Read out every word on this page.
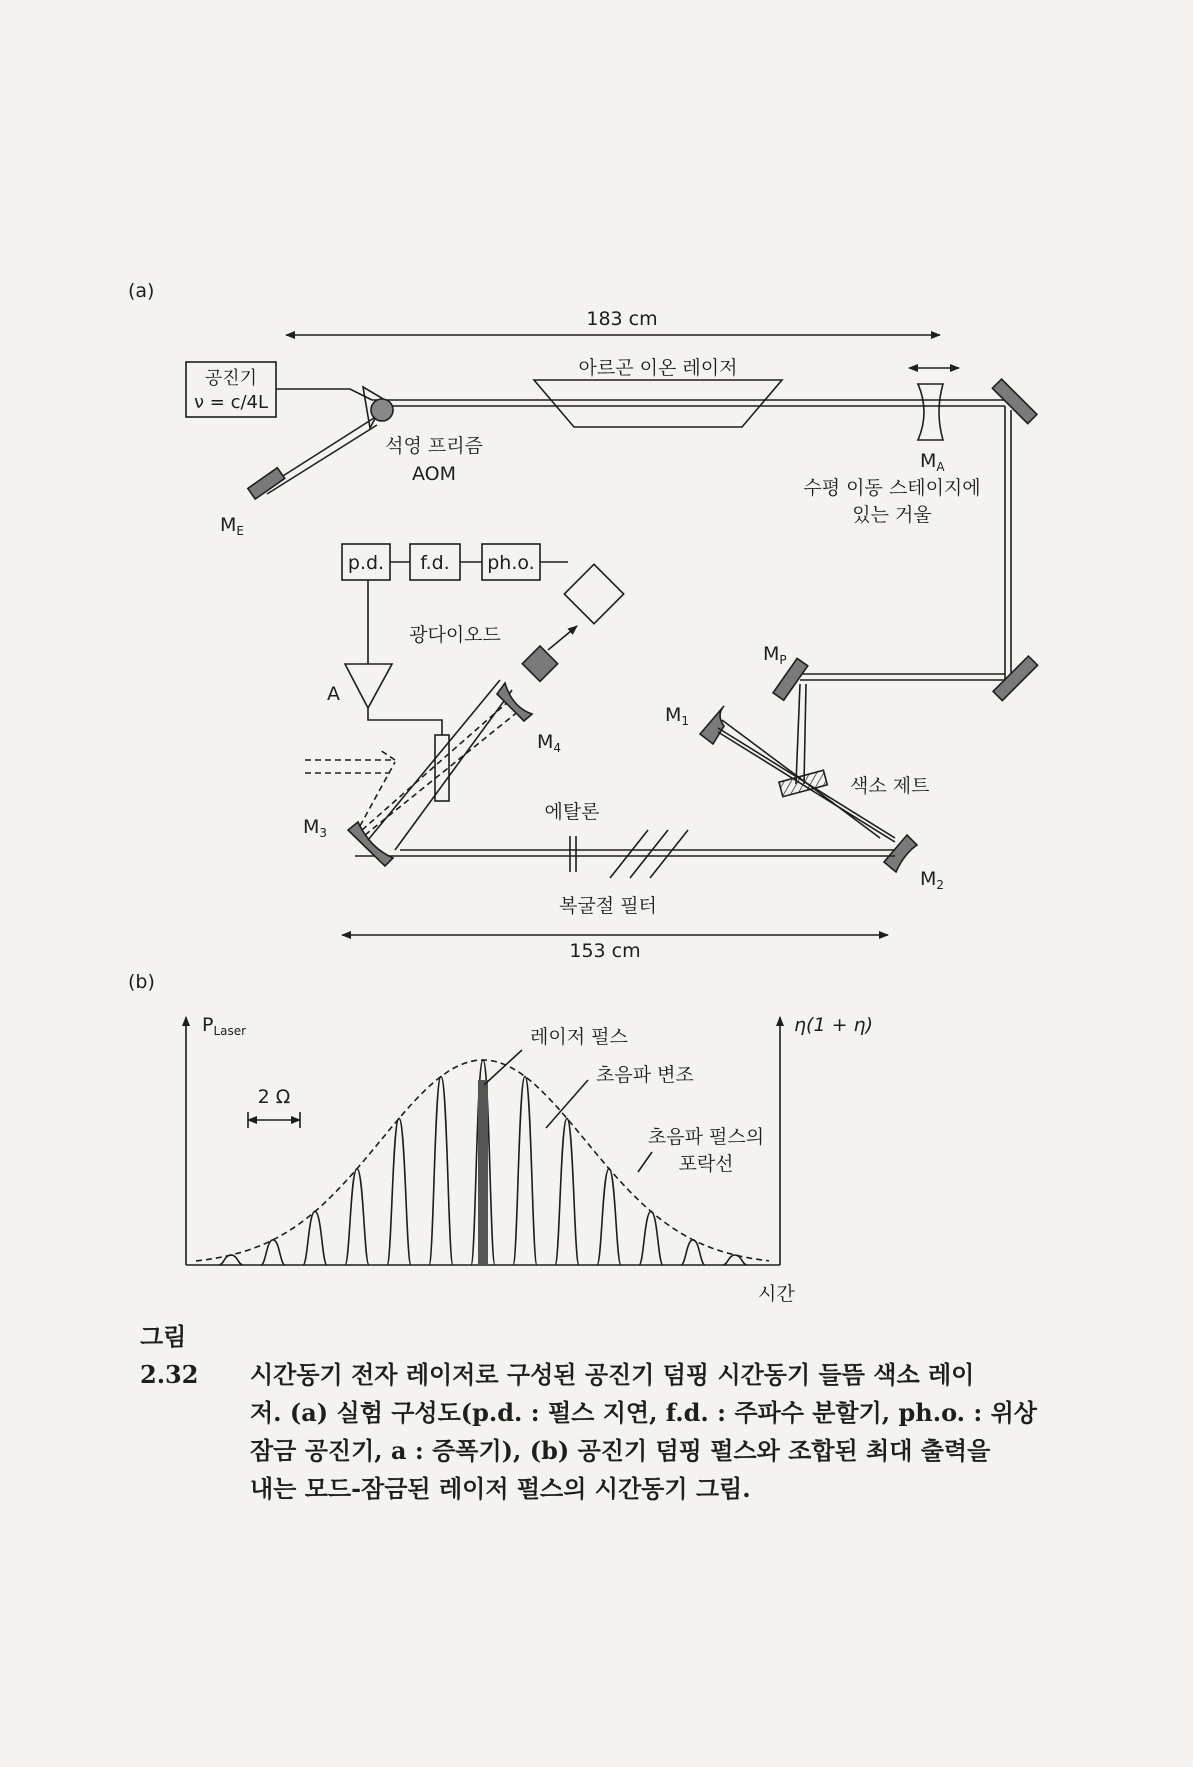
(a)
183 cm
공진기
ν = c/4L
아르곤 이온 레이저
석영 프리즘
AOM
$M_E$
$M_A$
수평 이동 스테이지에
있는 거울
$M_P$
$M_1$
색소 제트
$M_2$
에탈론
복굴절 필터
153 cm
$M_3$
$M_4$
p.d. f.d. ph.o.
광다이오드
A
(b)
$P_{Laser}$	η(1 + η)
시간
2 Ω
레이저 펄스
초음파 변조
초음파 펄스의
포락선
그림 2.32 시간동기 전자 레이저로 구성된 공진기 덤핑 시간동기 들뜸 색소 레이
저. (a) 실험 구성도(p.d. : 펄스 지연, f.d. : 주파수 분할기, ph.o. : 위상
잠금 공진기, a : 증폭기), (b) 공진기 덤핑 펄스와 조합된 최대 출력을
내는 모드-잠금된 레이저 펄스의 시간동기 그림.
